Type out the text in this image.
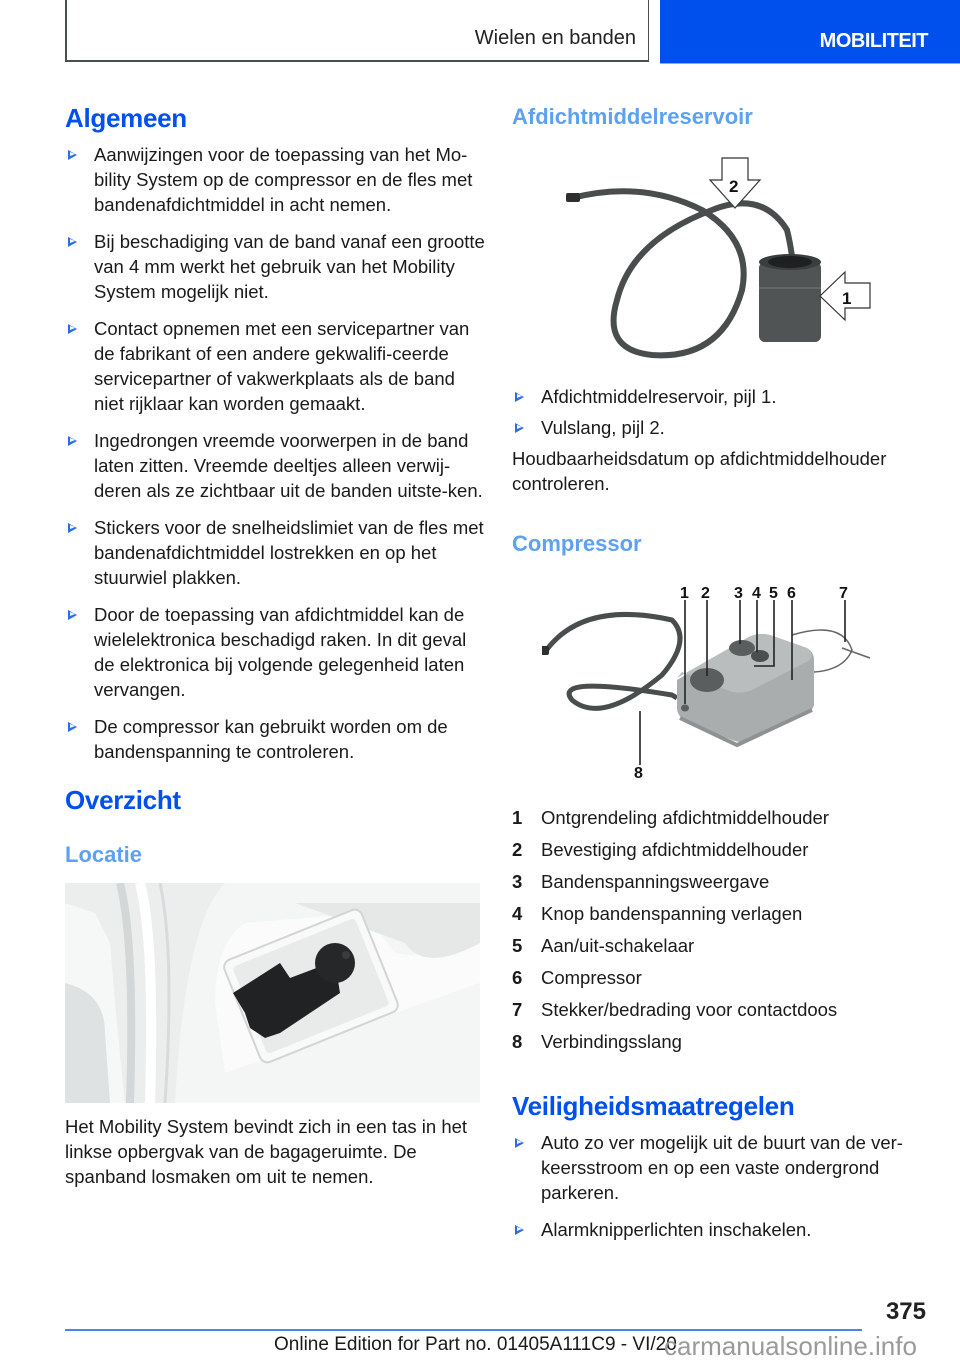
Wielen en banden	MOBILITEIT
Algemeen
Aanwijzingen voor de toepassing van het Mo-bility System op de compressor en de fles met bandenafdichtmiddel in acht nemen.
Bij beschadiging van de band vanaf een grootte van 4 mm werkt het gebruik van het Mobility System mogelijk niet.
Contact opnemen met een servicepartner van de fabrikant of een andere gekwalifi-ceerde servicepartner of vakwerkplaats als de band niet rijklaar kan worden gemaakt.
Ingedrongen vreemde voorwerpen in de band laten zitten. Vreemde deeltjes alleen verwij-deren als ze zichtbaar uit de banden uitste-ken.
Stickers voor de snelheidslimiet van de fles met bandenafdichtmiddel lostrekken en op het stuurwiel plakken.
Door de toepassing van afdichtmiddel kan de wielelektronica beschadigd raken. In dit geval de elektronica bij volgende gelegenheid laten vervangen.
De compressor kan gebruikt worden om de bandenspanning te controleren.
Overzicht
Locatie

Het Mobility System bevindt zich in een tas in het linkse opbergvak van de bagageruimte. De spanband losmaken om uit te nemen.

Afdichtmiddelreservoir
2
1
Afdichtmiddelreservoir, pijl 1.
Vulslang, pijl 2.

Houdbaarheidsdatum op afdichtmiddelhouder controleren.

Compressor
1 2 3 4 5 6	7
8
1 Ontgrendeling afdichtmiddelhouder
2 Bevestiging afdichtmiddelhouder
3 Bandenspanningsweergave
4 Knop bandenspanning verlagen
5 Aan/uit-schakelaar
6 Compressor
7 Stekker/bedrading voor contactdoos
8 Verbindingsslang
Veiligheidsmaatregelen
Auto zo ver mogelijk uit de buurt van de ver-keersstroom en op een vaste ondergrond parkeren.
Alarmknipperlichten inschakelen.
375
Online Edition for Part no. 01405A111C9 - VI/20
carmanualsonline.info
